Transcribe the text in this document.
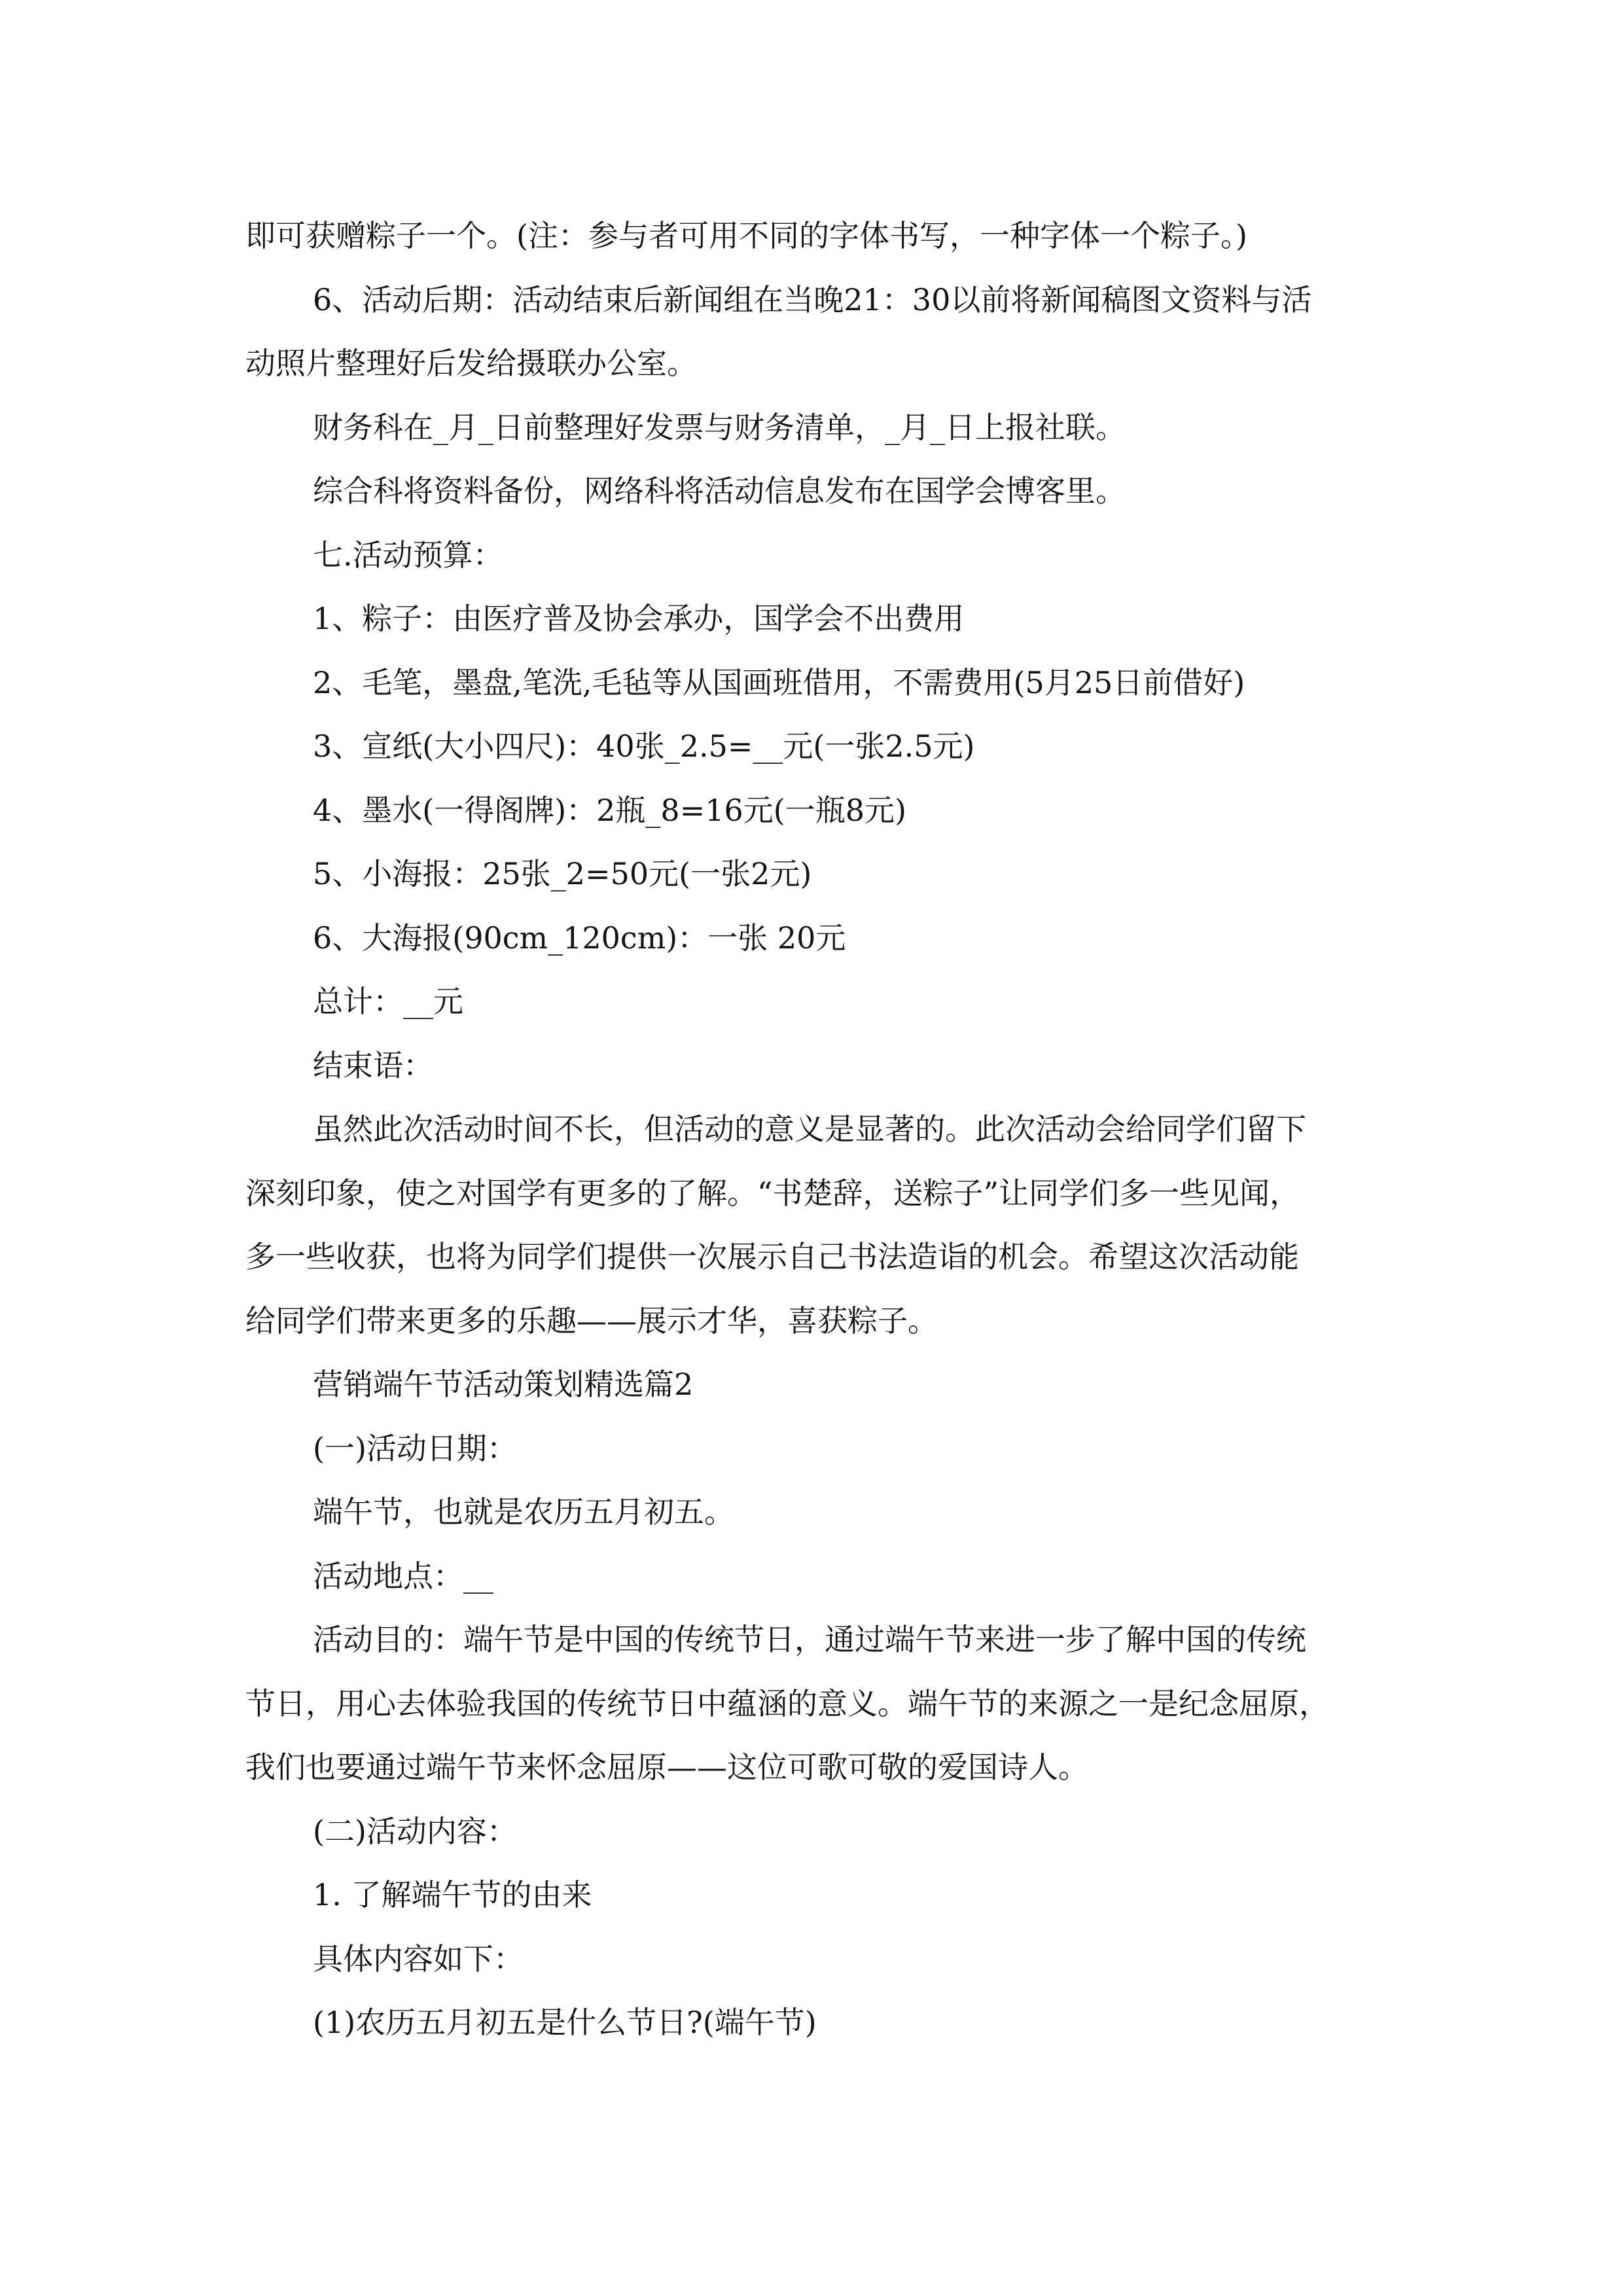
即可获赠粽子一个。(注：参与者可用不同的字体书写，一种字体一个粽子。)

6、活动后期：活动结束后新闻组在当晚21：30以前将新闻稿图文资料与活

动照片整理好后发给摄联办公室。

财务科在_月_日前整理好发票与财务清单，_月_日上报社联。

综合科将资料备份，网络科将活动信息发布在国学会博客里。

七.活动预算：

1、粽子：由医疗普及协会承办，国学会不出费用

2、毛笔，墨盘,笔洗,毛毡等从国画班借用，不需费用(5月25日前借好)

3、宣纸(大小四尺)：40张_2.5=__元(一张2.5元)

4、墨水(一得阁牌)：2瓶_8=16元(一瓶8元)

5、小海报：25张_2=50元(一张2元)

6、大海报(90cm_120cm)：一张 20元

总计：__元

结束语：

虽然此次活动时间不长，但活动的意义是显著的。此次活动会给同学们留下

深刻印象，使之对国学有更多的了解。“书楚辞，送粽子”让同学们多一些见闻，

多一些收获，也将为同学们提供一次展示自己书法造诣的机会。希望这次活动能

给同学们带来更多的乐趣——展示才华，喜获粽子。

营销端午节活动策划精选篇2

(一)活动日期：

端午节，也就是农历五月初五。

活动地点：__

活动目的：端午节是中国的传统节日，通过端午节来进一步了解中国的传统

节日，用心去体验我国的传统节日中蕴涵的意义。端午节的来源之一是纪念屈原，

我们也要通过端午节来怀念屈原——这位可歌可敬的爱国诗人。

(二)活动内容：

1. 了解端午节的由来

具体内容如下：

(1)农历五月初五是什么节日?(端午节)
